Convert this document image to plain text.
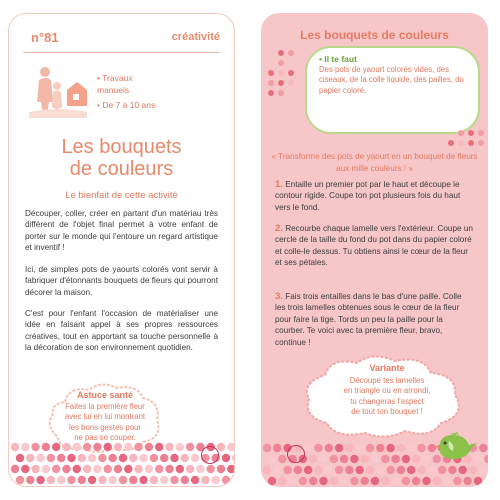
n°81	créativité
• Travaux manuels
• De 7 à 10 ans
Les bouquets
de couleurs
Le bienfait de cette activité
Découper, coller, créer en partant d'un matériau très différent de l'objet final permet à votre enfant de porter sur le monde qui l'entoure un regard artistique et inventif !
Ici, de simples pots de yaourts colorés vont servir à fabriquer d'étonnants bouquets de fleurs qui pourront décorer la maison.
C'est pour l'enfant l'occasion de matérialiser une idée en faisant appel à ses propres ressources créatives, tout en apportant sa touche personnelle à la décoration de son environnement quotidien.
Astuce santé
Faites la première fleur
avec lui en lui montrant
les bons gestes pour
ne pas se couper.
Les bouquets de couleurs
• Il te faut
Des pots de yaourt colorés vides, des ciseaux, de la colle liquide, des pailles, du papier coloré.
« Transforme des pots de yaourt en un bouquet de fleurs aux mille couleurs ! »
1. Entaille un premier pot par le haut et découpe le contour rigide. Coupe ton pot plusieurs fois du haut vers le fond.
2. Recourbe chaque lamelle vers l'extérieur. Coupe un cercle de la taille du fond du pot dans du papier coloré et colle-le dessus. Tu obtiens ainsi le cœur de la fleur et ses pétales.
3. Fais trois entailles dans le bas d'une paille. Colle les trois lamelles obtenues sous le cœur de la fleur pour faire la tige. Tords un peu la paille pour la courber. Te voici avec ta première fleur, bravo, continue !
Variante
Découpe tes lamelles
en triangle ou en arrondi,
tu changeras l'aspect
de tout ton bouquet !
